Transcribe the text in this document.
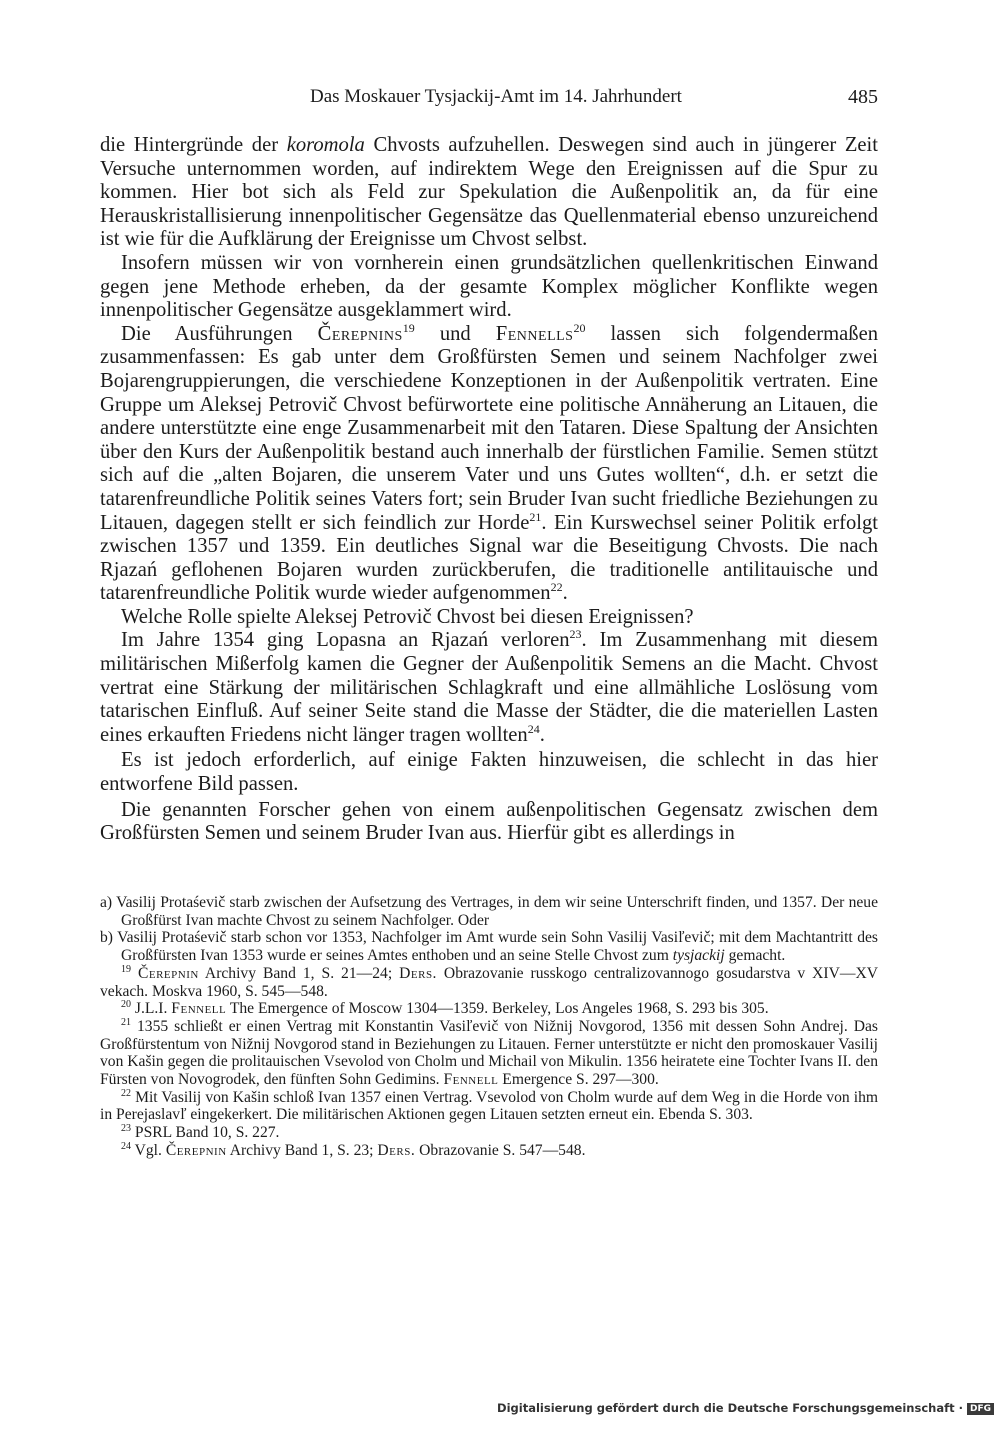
Das Moskauer Tysjackij-Amt im 14. Jahrhundert	485

die Hintergründe der koromola Chvosts aufzuhellen. Deswegen sind auch in jüngerer Zeit Versuche unternommen worden, auf indirektem Wege den Ereignissen auf die Spur zu kommen. Hier bot sich als Feld zur Spekulation die Außenpolitik an, da für eine Herauskristallisierung innenpolitischer Gegensätze das Quellenmaterial ebenso unzureichend ist wie für die Aufklärung der Ereignisse um Chvost selbst.

Insofern müssen wir von vornherein einen grundsätzlichen quellenkritischen Einwand gegen jene Methode erheben, da der gesamte Komplex möglicher Konflikte wegen innenpolitischer Gegensätze ausgeklammert wird.

Die Ausführungen Čerepnins$^{19}$ und Fennells$^{20}$ lassen sich folgendermaßen zusammenfassen: Es gab unter dem Großfürsten Semen und seinem Nachfolger zwei Bojarengruppierungen, die verschiedene Konzeptionen in der Außenpolitik vertraten. Eine Gruppe um Aleksej Petrovič Chvost befürwortete eine politische Annäherung an Litauen, die andere unterstützte eine enge Zusammenarbeit mit den Tataren. Diese Spaltung der Ansichten über den Kurs der Außenpolitik bestand auch innerhalb der fürstlichen Familie. Semen stützt sich auf die „alten Bojaren, die unserem Vater und uns Gutes wollten“, d.h. er setzt die tatarenfreundliche Politik seines Vaters fort; sein Bruder Ivan sucht friedliche Beziehungen zu Litauen, dagegen stellt er sich feindlich zur Horde$^{21}$. Ein Kurswechsel seiner Politik erfolgt zwischen 1357 und 1359. Ein deutliches Signal war die Beseitigung Chvosts. Die nach Rjazań geflohenen Bojaren wurden zurückberufen, die traditionelle antilitauische und tatarenfreundliche Politik wurde wieder aufgenommen$^{22}$.

Welche Rolle spielte Aleksej Petrovič Chvost bei diesen Ereignissen?

Im Jahre 1354 ging Lopasna an Rjazań verloren$^{23}$. Im Zusammenhang mit diesem militärischen Mißerfolg kamen die Gegner der Außenpolitik Semens an die Macht. Chvost vertrat eine Stärkung der militärischen Schlagkraft und eine allmähliche Loslösung vom tatarischen Einfluß. Auf seiner Seite stand die Masse der Städter, die die materiellen Lasten eines erkauften Friedens nicht länger tragen wollten$^{24}$.

Es ist jedoch erforderlich, auf einige Fakten hinzuweisen, die schlecht in das hier entworfene Bild passen.

Die genannten Forscher gehen von einem außenpolitischen Gegensatz zwischen dem Großfürsten Semen und seinem Bruder Ivan aus. Hierfür gibt es allerdings in

a) Vasilij Protaśevič starb zwischen der Aufsetzung des Vertrages, in dem wir seine Unterschrift finden, und 1357. Der neue Großfürst Ivan machte Chvost zu seinem Nachfolger. Oder

b) Vasilij Protaśevič starb schon vor 1353, Nachfolger im Amt wurde sein Sohn Vasilij Vasiľevič; mit dem Machtantritt des Großfürsten Ivan 1353 wurde er seines Amtes enthoben und an seine Stelle Chvost zum tysjackij gemacht.

$^{19}$ Čerepnin Archivy Band 1, S. 21—24; Ders. Obrazovanie russkogo centralizovannogo gosudarstva v XIV—XV vekach. Moskva 1960, S. 545—548.

$^{20}$ J.L.I. Fennell The Emergence of Moscow 1304—1359. Berkeley, Los Angeles 1968, S. 293 bis 305.

$^{21}$ 1355 schließt er einen Vertrag mit Konstantin Vasiľevič von Nižnij Novgorod, 1356 mit dessen Sohn Andrej. Das Großfürstentum von Nižnij Novgorod stand in Beziehungen zu Litauen. Ferner unterstützte er nicht den promoskauer Vasilij von Kašin gegen die prolitauischen Vsevolod von Cholm und Michail von Mikulin. 1356 heiratete eine Tochter Ivans II. den Fürsten von Novogrodek, den fünften Sohn Gedimins. Fennell Emergence S. 297—300.

$^{22}$ Mit Vasilij von Kašin schloß Ivan 1357 einen Vertrag. Vsevolod von Cholm wurde auf dem Weg in die Horde von ihm in Perejaslavľ eingekerkert. Die militärischen Aktionen gegen Litauen setzten erneut ein. Ebenda S. 303.

$^{23}$ PSRL Band 10, S. 227.

$^{24}$ Vgl. Čerepnin Archivy Band 1, S. 23; Ders. Obrazovanie S. 547—548.

Digitalisierung gefördert durch die Deutsche Forschungsgemeinschaft · DFG
